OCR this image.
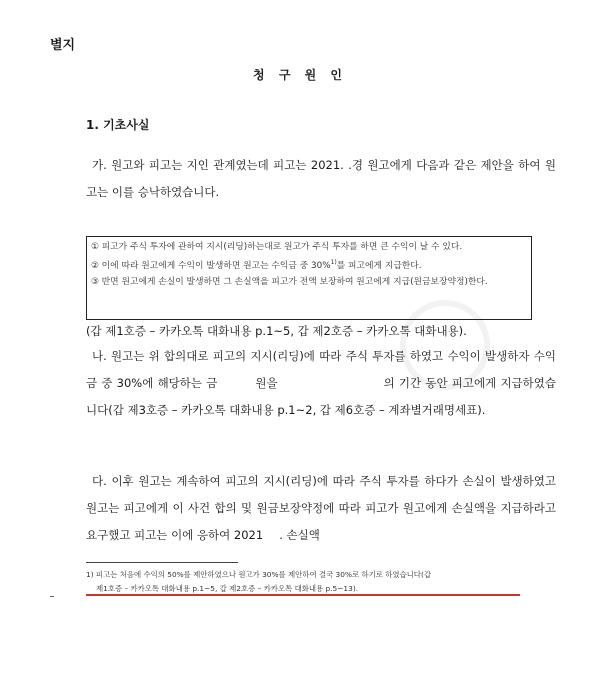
별지
청 구 원 인
1. 기초사실
가. 원고와 피고는 지인 관계였는데 피고는 2021. .경 원고에게 다음과 같은 제안을 하여 원고는 이를 승낙하였습니다.
① 피고가 주식 투자에 관하여 지시(리딩)하는대로 원고가 주식 투자를 하면 큰 수익이 날 수 있다.
② 이에 따라 원고에게 수익이 발생하면 원고는 수익금 중 30%$^{1)}$를 피고에게 지급한다.
③ 반면 원고에게 손실이 발생하면 그 손실액을 피고가 전액 보장하여 원고에게 지급(원금보장약정)한다.
(갑 제1호증 – 카카오톡 대화내용 p.1~5, 갑 제2호증 – 카카오톡 대화내용).
나. 원고는 위 합의대로 피고의 지시(리딩)에 따라 주식 투자를 하였고 수익이 발생하자 수익금 중 30%에 해당하는 금	원을	의 기간 동안 피고에게 지급하였습니다(갑 제3호증 – 카카오톡 대화내용 p.1~2, 갑 제6호증 – 계좌별거래명세표).
다. 이후 원고는 계속하여 피고의 지시(리딩)에 따라 주식 투자를 하다가 손실이 발생하였고 원고는 피고에게 이 사건 합의 및 원금보장약정에 따라 피고가 원고에게 손실액을 지급하라고 요구했고 피고는 이에 응하여 2021 . 손실액
1) 피고는 처음에 수익의 50%를 제안하였으나 원고가 30%를 제안하여 결국 30%로 하기로 하였습니다(갑
제1호증 – 카카오톡 대화내용 p.1~5, 갑 제2호증 – 카카오톡 대화내용 p.5~13).
